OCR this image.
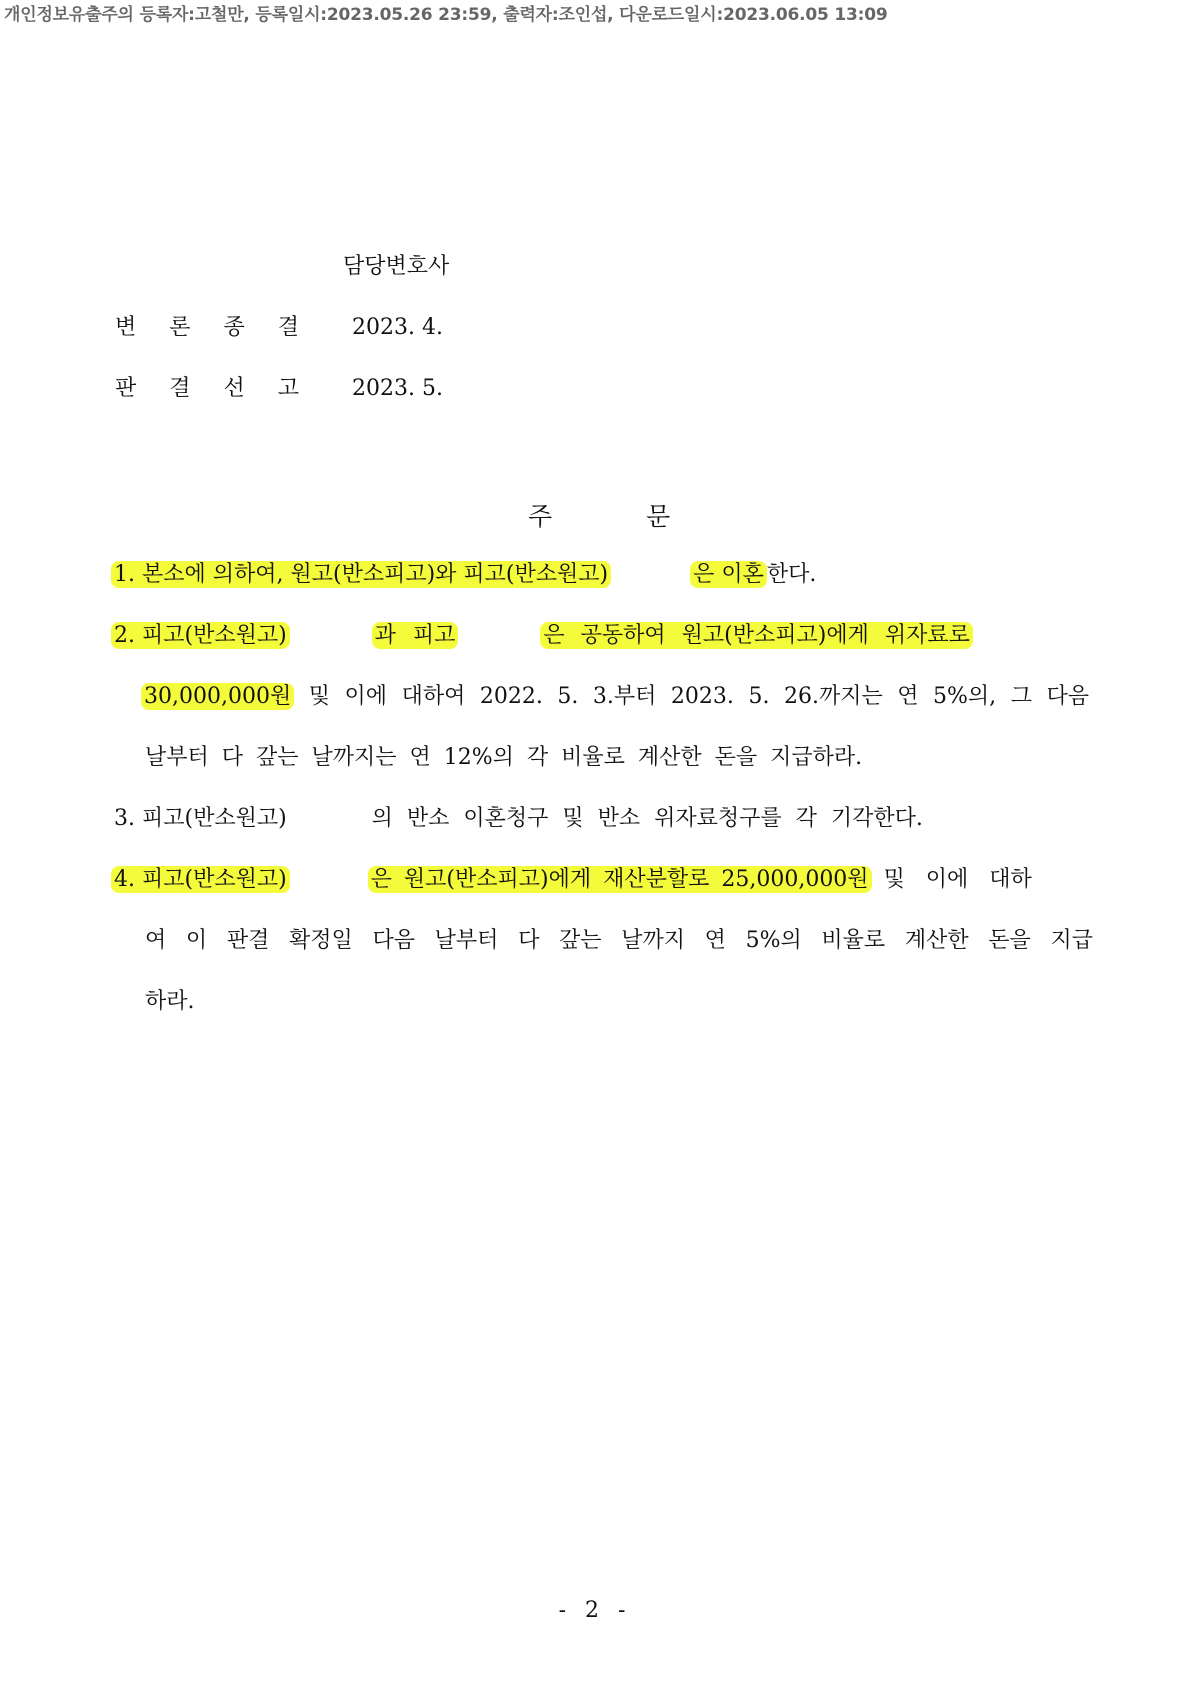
개인정보유출주의 등록자:고철만, 등록일시:2023.05.26 23:59, 출력자:조인섭, 다운로드일시:2023.06.05 13:09
담당변호사
변 론 종 결 2023. 4.
판 결 선 고 2023. 5.
주	문
1. 본소에 의하여, 원고(반소피고)와 피고(반소원고)	은 이혼 한다.
2. 피고(반소원고)	과 피고	은 공동하여 원고(반소피고)에게 위자료로
30,000,000원 및 이에 대하여 2022. 5. 3.부터 2023. 5. 26.까지는 연 5%의, 그 다음
날부터 다 갚는 날까지는 연 12%의 각 비율로 계산한 돈을 지급하라.
3. 피고(반소원고)	의 반소 이혼청구 및 반소 위자료청구를 각 기각한다.
4. 피고(반소원고)	은 원고(반소피고)에게 재산분할로 25,000,000원 및 이에 대하
여 이 판결 확정일 다음 날부터 다 갚는 날까지 연 5%의 비율로 계산한 돈을 지급
하라.
- 2 -
